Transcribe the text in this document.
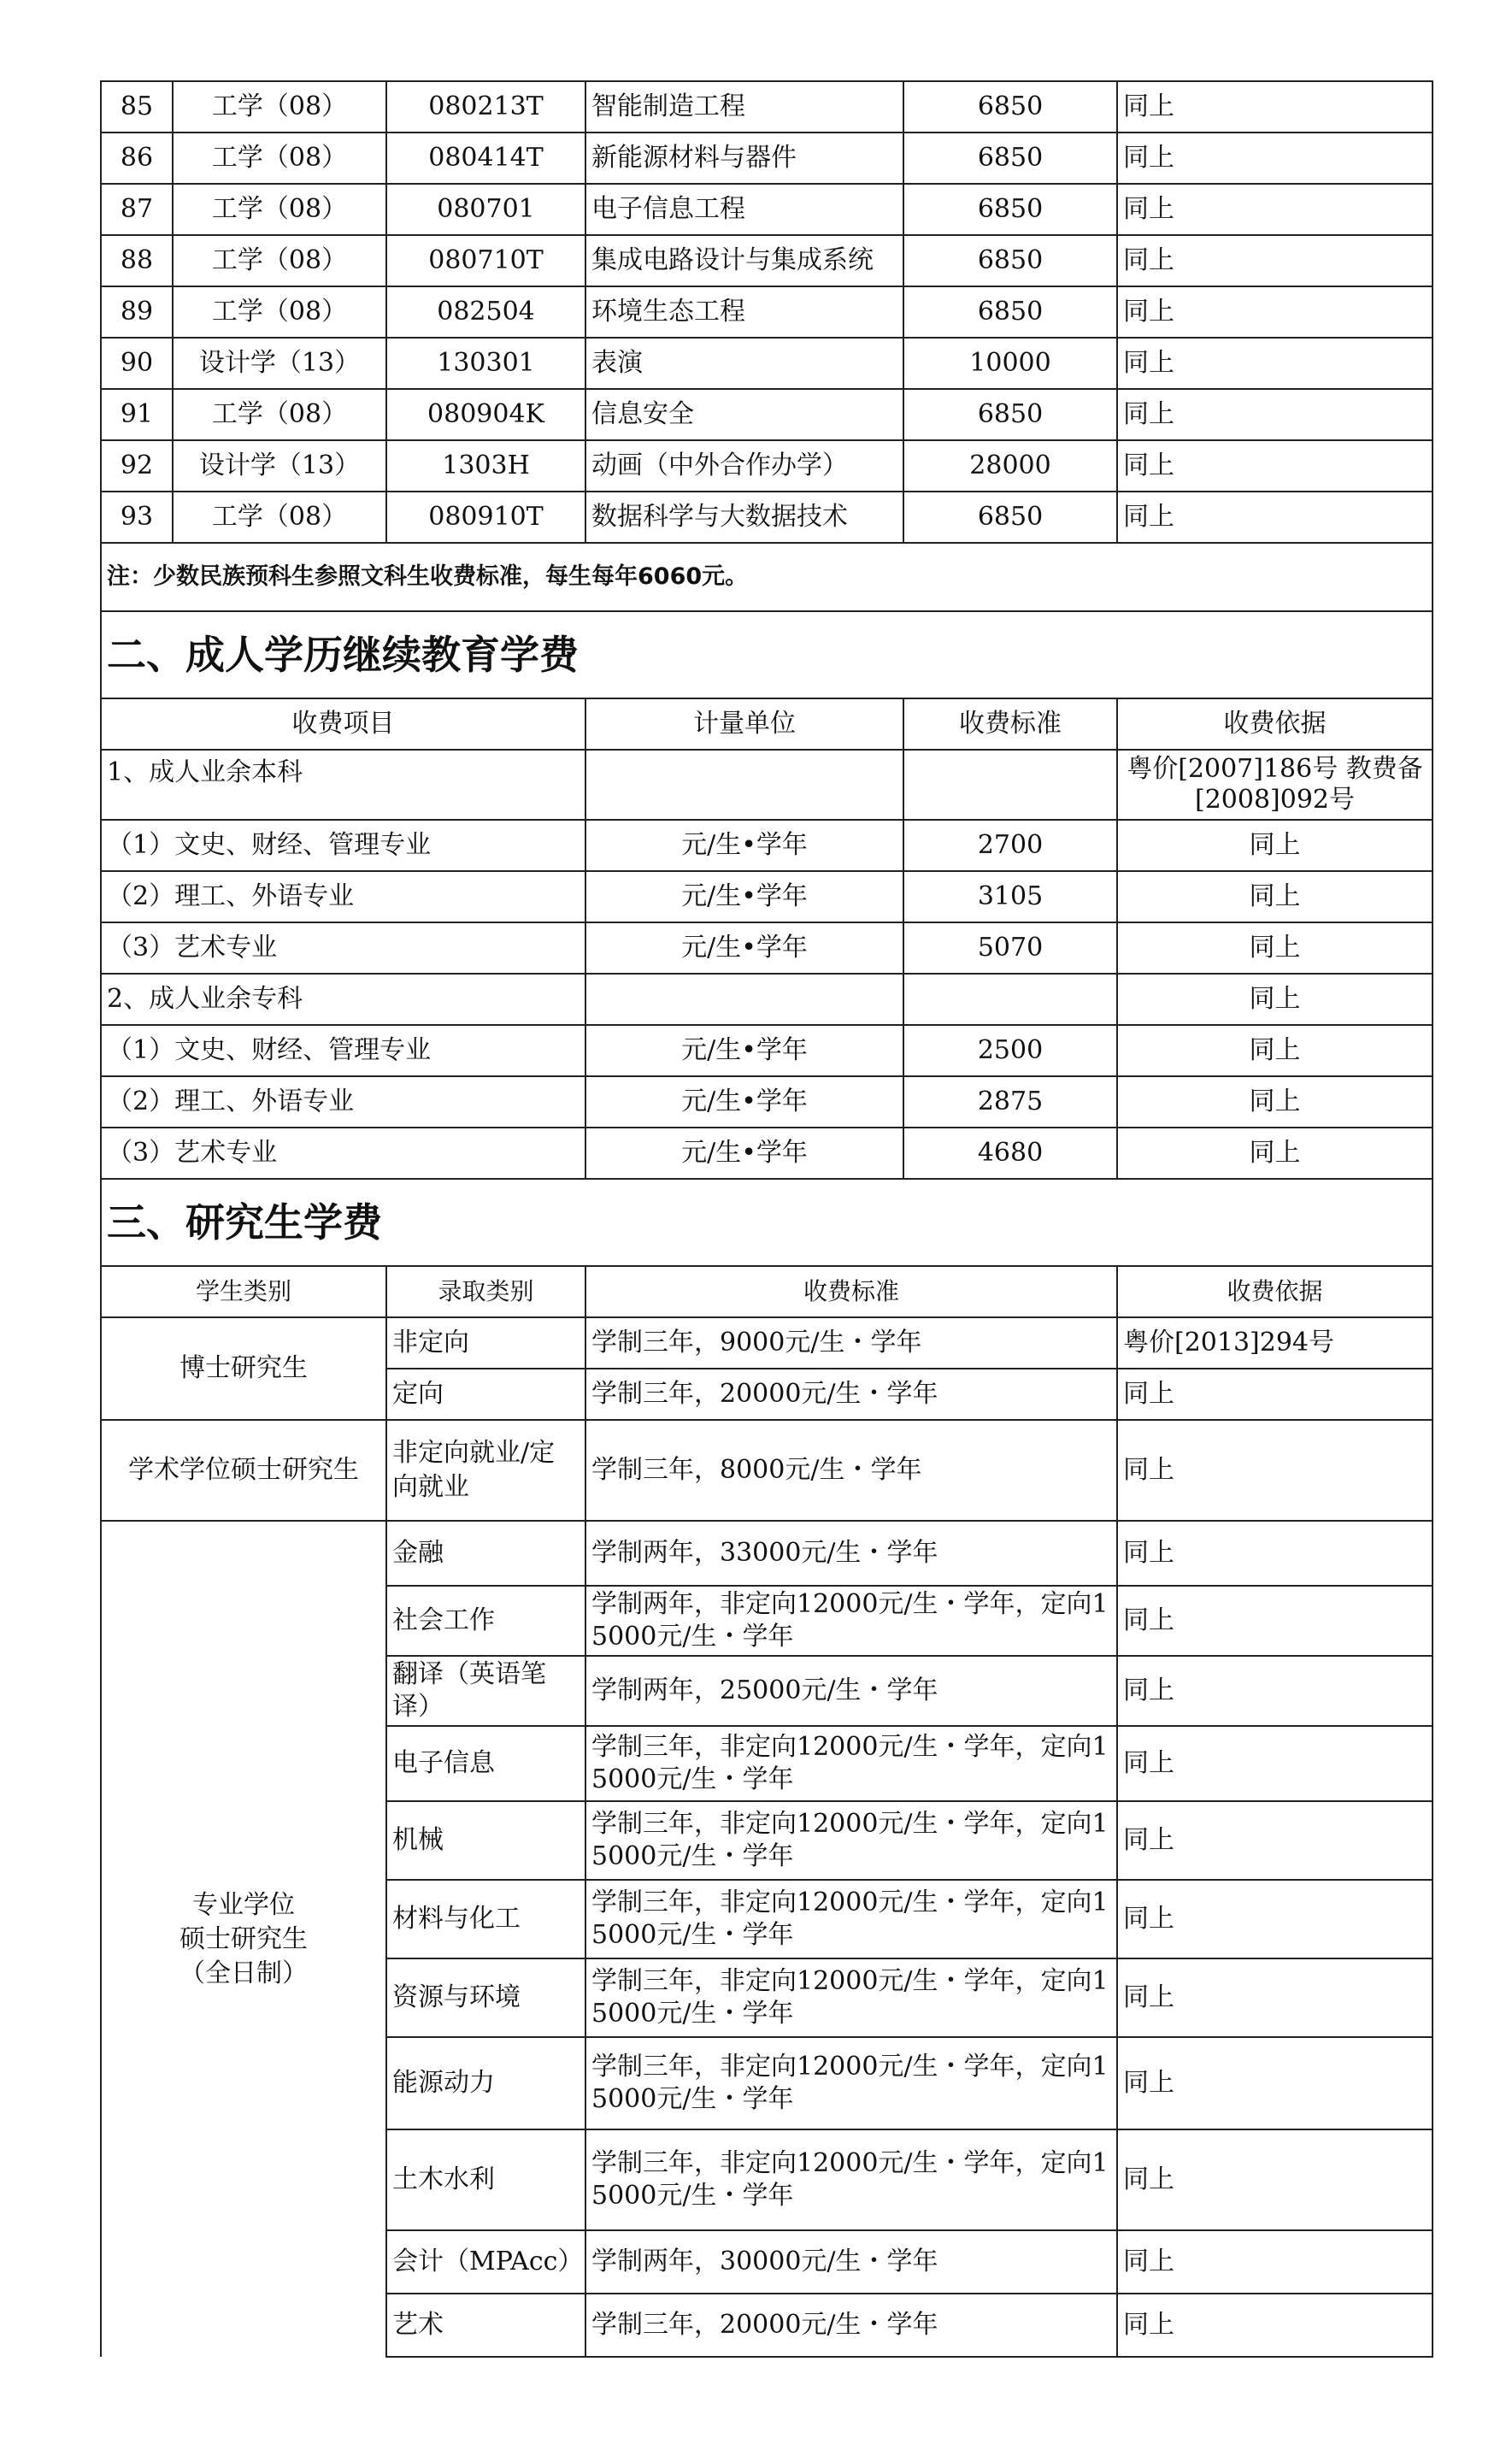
85	工学（08）	080213T	智能制造工程	6850	同上
86	工学（08）	080414T	新能源材料与器件	6850	同上
87	工学（08）	080701	电子信息工程	6850	同上
88	工学（08）	080710T	集成电路设计与集成系统	6850	同上
89	工学（08）	082504	环境生态工程	6850	同上
90	设计学（13）	130301	表演	10000	同上
91	工学（08）	080904K	信息安全	6850	同上
92	设计学（13）	1303H	动画（中外合作办学）	28000	同上
93	工学（08）	080910T	数据科学与大数据技术	6850	同上
注：少数民族预科生参照文科生收费标准，每生每年6060元。					
二、成人学历继续教育学费					
收费项目			计量单位	收费标准	收费依据
1、成人业余本科					粤价[2007]186号 教费备[2008]092号
（1）文史、财经、管理专业			元/生•学年	2700	同上
（2）理工、外语专业			元/生•学年	3105	同上
（3）艺术专业			元/生•学年	5070	同上
2、成人业余专科					同上
（1）文史、财经、管理专业			元/生•学年	2500	同上
（2）理工、外语专业			元/生•学年	2875	同上
（3）艺术专业			元/生•学年	4680	同上
三、研究生学费					
学生类别		录取类别	收费标准		收费依据
博士研究生		非定向	学制三年，9000元/生・学年		粤价[2013]294号
		定向	学制三年，20000元/生・学年		同上
学术学位硕士研究生		非定向就业/定向就业	学制三年，8000元/生・学年		同上
专业学位
硕士研究生
（全日制）		金融	学制两年，33000元/生・学年		同上
		社会工作	学制两年，非定向12000元/生・学年，定向15000元/生・学年		同上
		翻译（英语笔译）	学制两年，25000元/生・学年		同上
		电子信息	学制三年，非定向12000元/生・学年，定向15000元/生・学年		同上
		机械	学制三年，非定向12000元/生・学年，定向15000元/生・学年		同上
		材料与化工	学制三年，非定向12000元/生・学年，定向15000元/生・学年		同上
		资源与环境	学制三年，非定向12000元/生・学年，定向15000元/生・学年		同上
		能源动力	学制三年，非定向12000元/生・学年，定向15000元/生・学年		同上
		土木水利	学制三年，非定向12000元/生・学年，定向15000元/生・学年		同上
		会计（MPAcc）	学制两年，30000元/生・学年		同上
		艺术	学制三年，20000元/生・学年		同上
